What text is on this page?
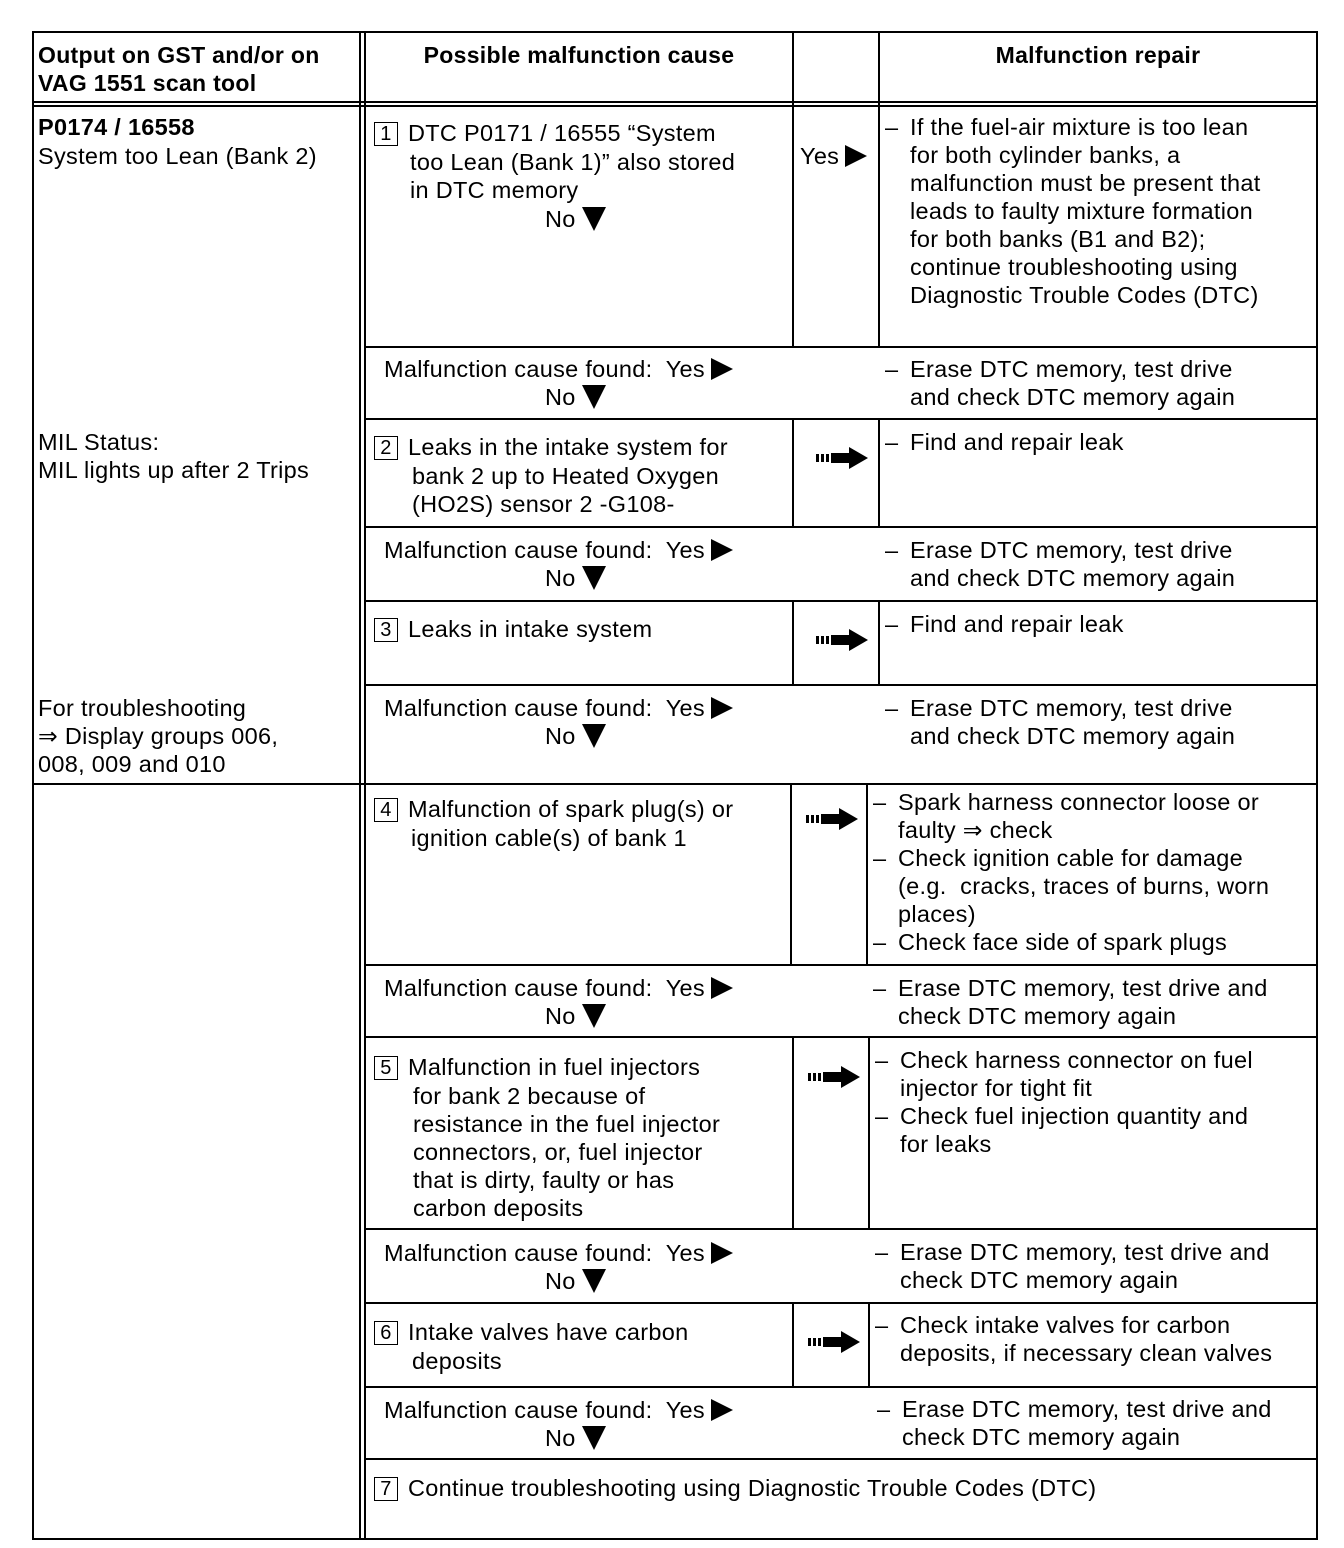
Output on GST and/or on
VAG 1551 scan tool
Possible malfunction cause	Malfunction repair
P0174 / 16558
System too Lean (Bank 2)
MIL Status:
MIL lights up after 2 Trips
For troubleshooting
⇒ Display groups 006,
008, 009 and 010
1 DTC P0171 / 16555 “System
too Lean (Bank 1)” also stored
in DTC memory
No
Yes
– If the fuel-air mixture is too lean
for both cylinder banks, a
malfunction must be present that
leads to faulty mixture formation
for both banks (B1 and B2);
continue troubleshooting using
Diagnostic Trouble Codes (DTC)
Malfunction cause found:  Yes
No
– Erase DTC memory, test drive
and check DTC memory again
2 Leaks in the intake system for
bank 2 up to Heated Oxygen
(HO2S) sensor 2 -G108-
– Find and repair leak
Malfunction cause found:  Yes
No
– Erase DTC memory, test drive
and check DTC memory again
3 Leaks in intake system	– Find and repair leak
Malfunction cause found:  Yes
No
– Erase DTC memory, test drive
and check DTC memory again
4 Malfunction of spark plug(s) or
ignition cable(s) of bank 1
– Spark harness connector loose or
faulty ⇒ check
– Check ignition cable for damage
(e.g.  cracks, traces of burns, worn
places)
– Check face side of spark plugs
Malfunction cause found:  Yes
No
– Erase DTC memory, test drive and
check DTC memory again
5 Malfunction in fuel injectors
for bank 2 because of
resistance in the fuel injector
connectors, or, fuel injector
that is dirty, faulty or has
carbon deposits
– Check harness connector on fuel
injector for tight fit
– Check fuel injection quantity and
for leaks
Malfunction cause found:  Yes
No
– Erase DTC memory, test drive and
check DTC memory again
6 Intake valves have carbon
deposits
– Check intake valves for carbon
deposits, if necessary clean valves
Malfunction cause found:  Yes
No
– Erase DTC memory, test drive and
check DTC memory again
7 Continue troubleshooting using Diagnostic Trouble Codes (DTC)
